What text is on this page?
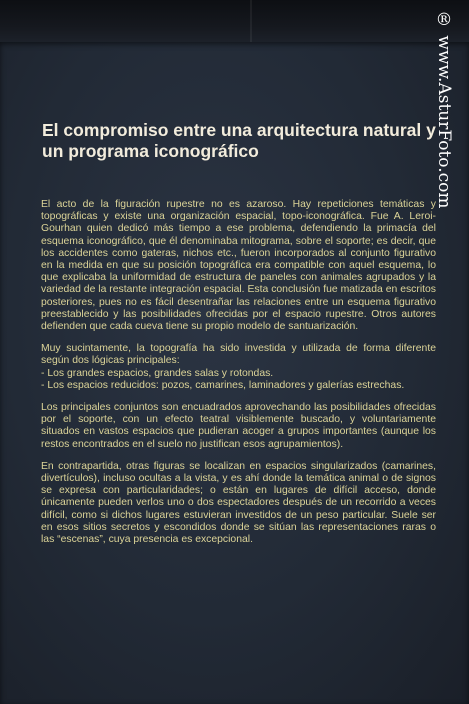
El compromiso entre una arquitectura natural y un programa iconográfico

El acto de la figuración rupestre no es azaroso. Hay repeticiones temáticas y topográficas y existe una organización espacial, topo-iconográfica. Fue A. Leroi-Gourhan quien dedicó más tiempo a ese problema, defendiendo la primacía del esquema iconográfico, que él denominaba mitograma, sobre el soporte; es decir, que los accidentes como gateras, nichos etc., fueron incorporados al conjunto figurativo en la medida en que su posición topográfica era compatible con aquel esquema, lo que explicaba la uniformidad de estructura de paneles con animales agrupados y la variedad de la restante integración espacial. Esta conclusión fue matizada en escritos posteriores, pues no es fácil desentrañar las relaciones entre un esquema figurativo preestablecido y las posibilidades ofrecidas por el espacio rupestre. Otros autores defienden que cada cueva tiene su propio modelo de santuarización.

Muy sucintamente, la topografía ha sido investida y utilizada de forma diferente según dos lógicas principales:

- Los grandes espacios, grandes salas y rotondas.
- Los espacios reducidos: pozos, camarines, laminadores y galerías estrechas.

Los principales conjuntos son encuadrados aprovechando las posibilidades ofrecidas por el soporte, con un efecto teatral visiblemente buscado, y voluntariamente situados en vastos espacios que pudieran acoger a grupos importantes (aunque los restos encontrados en el suelo no justifican esos agrupamientos).

En contrapartida, otras figuras se localizan en espacios singularizados (camarines, divertículos), incluso ocultas a la vista, y es ahí donde la temática animal o de signos se expresa con particularidades; o están en lugares de difícil acceso, donde únicamente pueden verlos uno o dos espectadores después de un recorrido a veces difícil, como si dichos lugares estuvieran investidos de un peso particular. Suele ser en esos sitios secretos y escondidos donde se sitúan las representaciones raras o las “escenas”, cuya presencia es excepcional.

® www.AsturFoto.com
